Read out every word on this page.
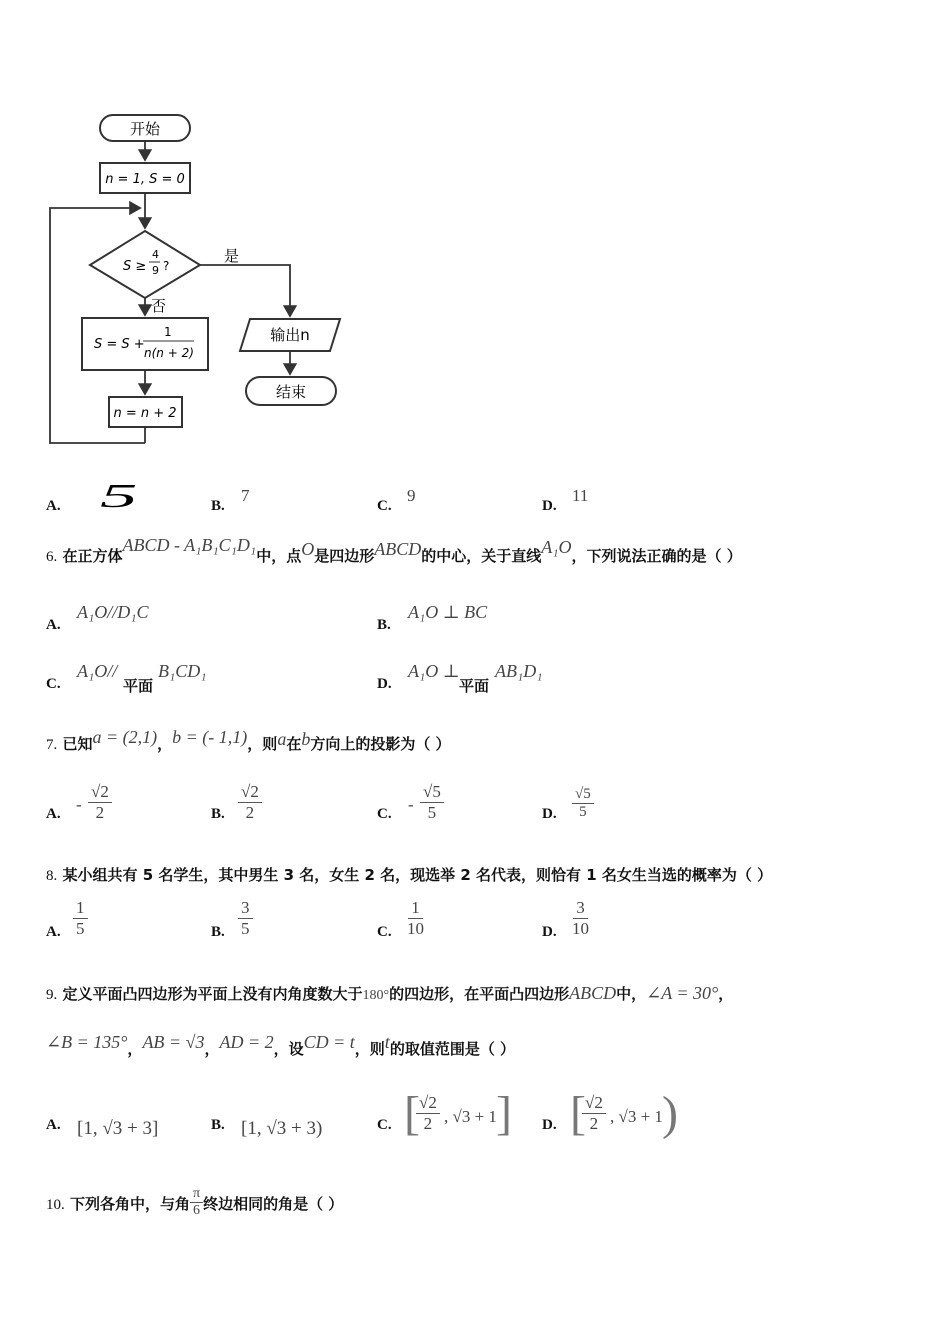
开始
n = 1, S = 0
S ≥
4
9 ?
是
否
S = S +
1
n(n + 2)
n = n + 2
输出n
结束
A. 5	B.
7
C.
9
D.
11
6. 在正方体ABCD - A₁B₁C₁D₁中，点O是四边形ABCD的中心，关于直线A₁O，下列说法正确的是（ ）
A.
A₁O//D₁C
B.
A₁O ⊥ BC
C.
A₁O//
平面
B₁CD₁
D.
A₁O ⊥
平面
AB₁D₁
7. 已知a = (2,1)，b = (- 1,1)，则a在b方向上的投影为（ ）
A. - $\frac{√2}{2}$	B. $\frac{√2}{2}$	C. - $\frac{√5}{5}$	D. $\frac{√5}{5}$
8. 某小组共有 5 名学生，其中男生 3 名，女生 2 名，现选举 2 名代表，则恰有 1 名女生当选的概率为（ ）
A. $\frac{1}{5}$	B. $\frac{3}{5}$	C. $\frac{1}{10}$	D. $\frac{3}{10}$
9. 定义平面凸四边形为平面上没有内角度数大于180°的四边形，在平面凸四边形ABCD中，∠A = 30°，
∠B = 135°，AB = √3，AD = 2，设CD = t，则t的取值范围是（ ）
A. [1, √3 + 3]	B. [1, √3 + 3)	C. [
$\frac{√2}{2}$ , √3 + 1 ] D. [
$\frac{√2}{2}$ , √3 + 1 )
10. 下列各角中，与角 $\frac{\pi}{6}$ 终边相同的角是（ ）
